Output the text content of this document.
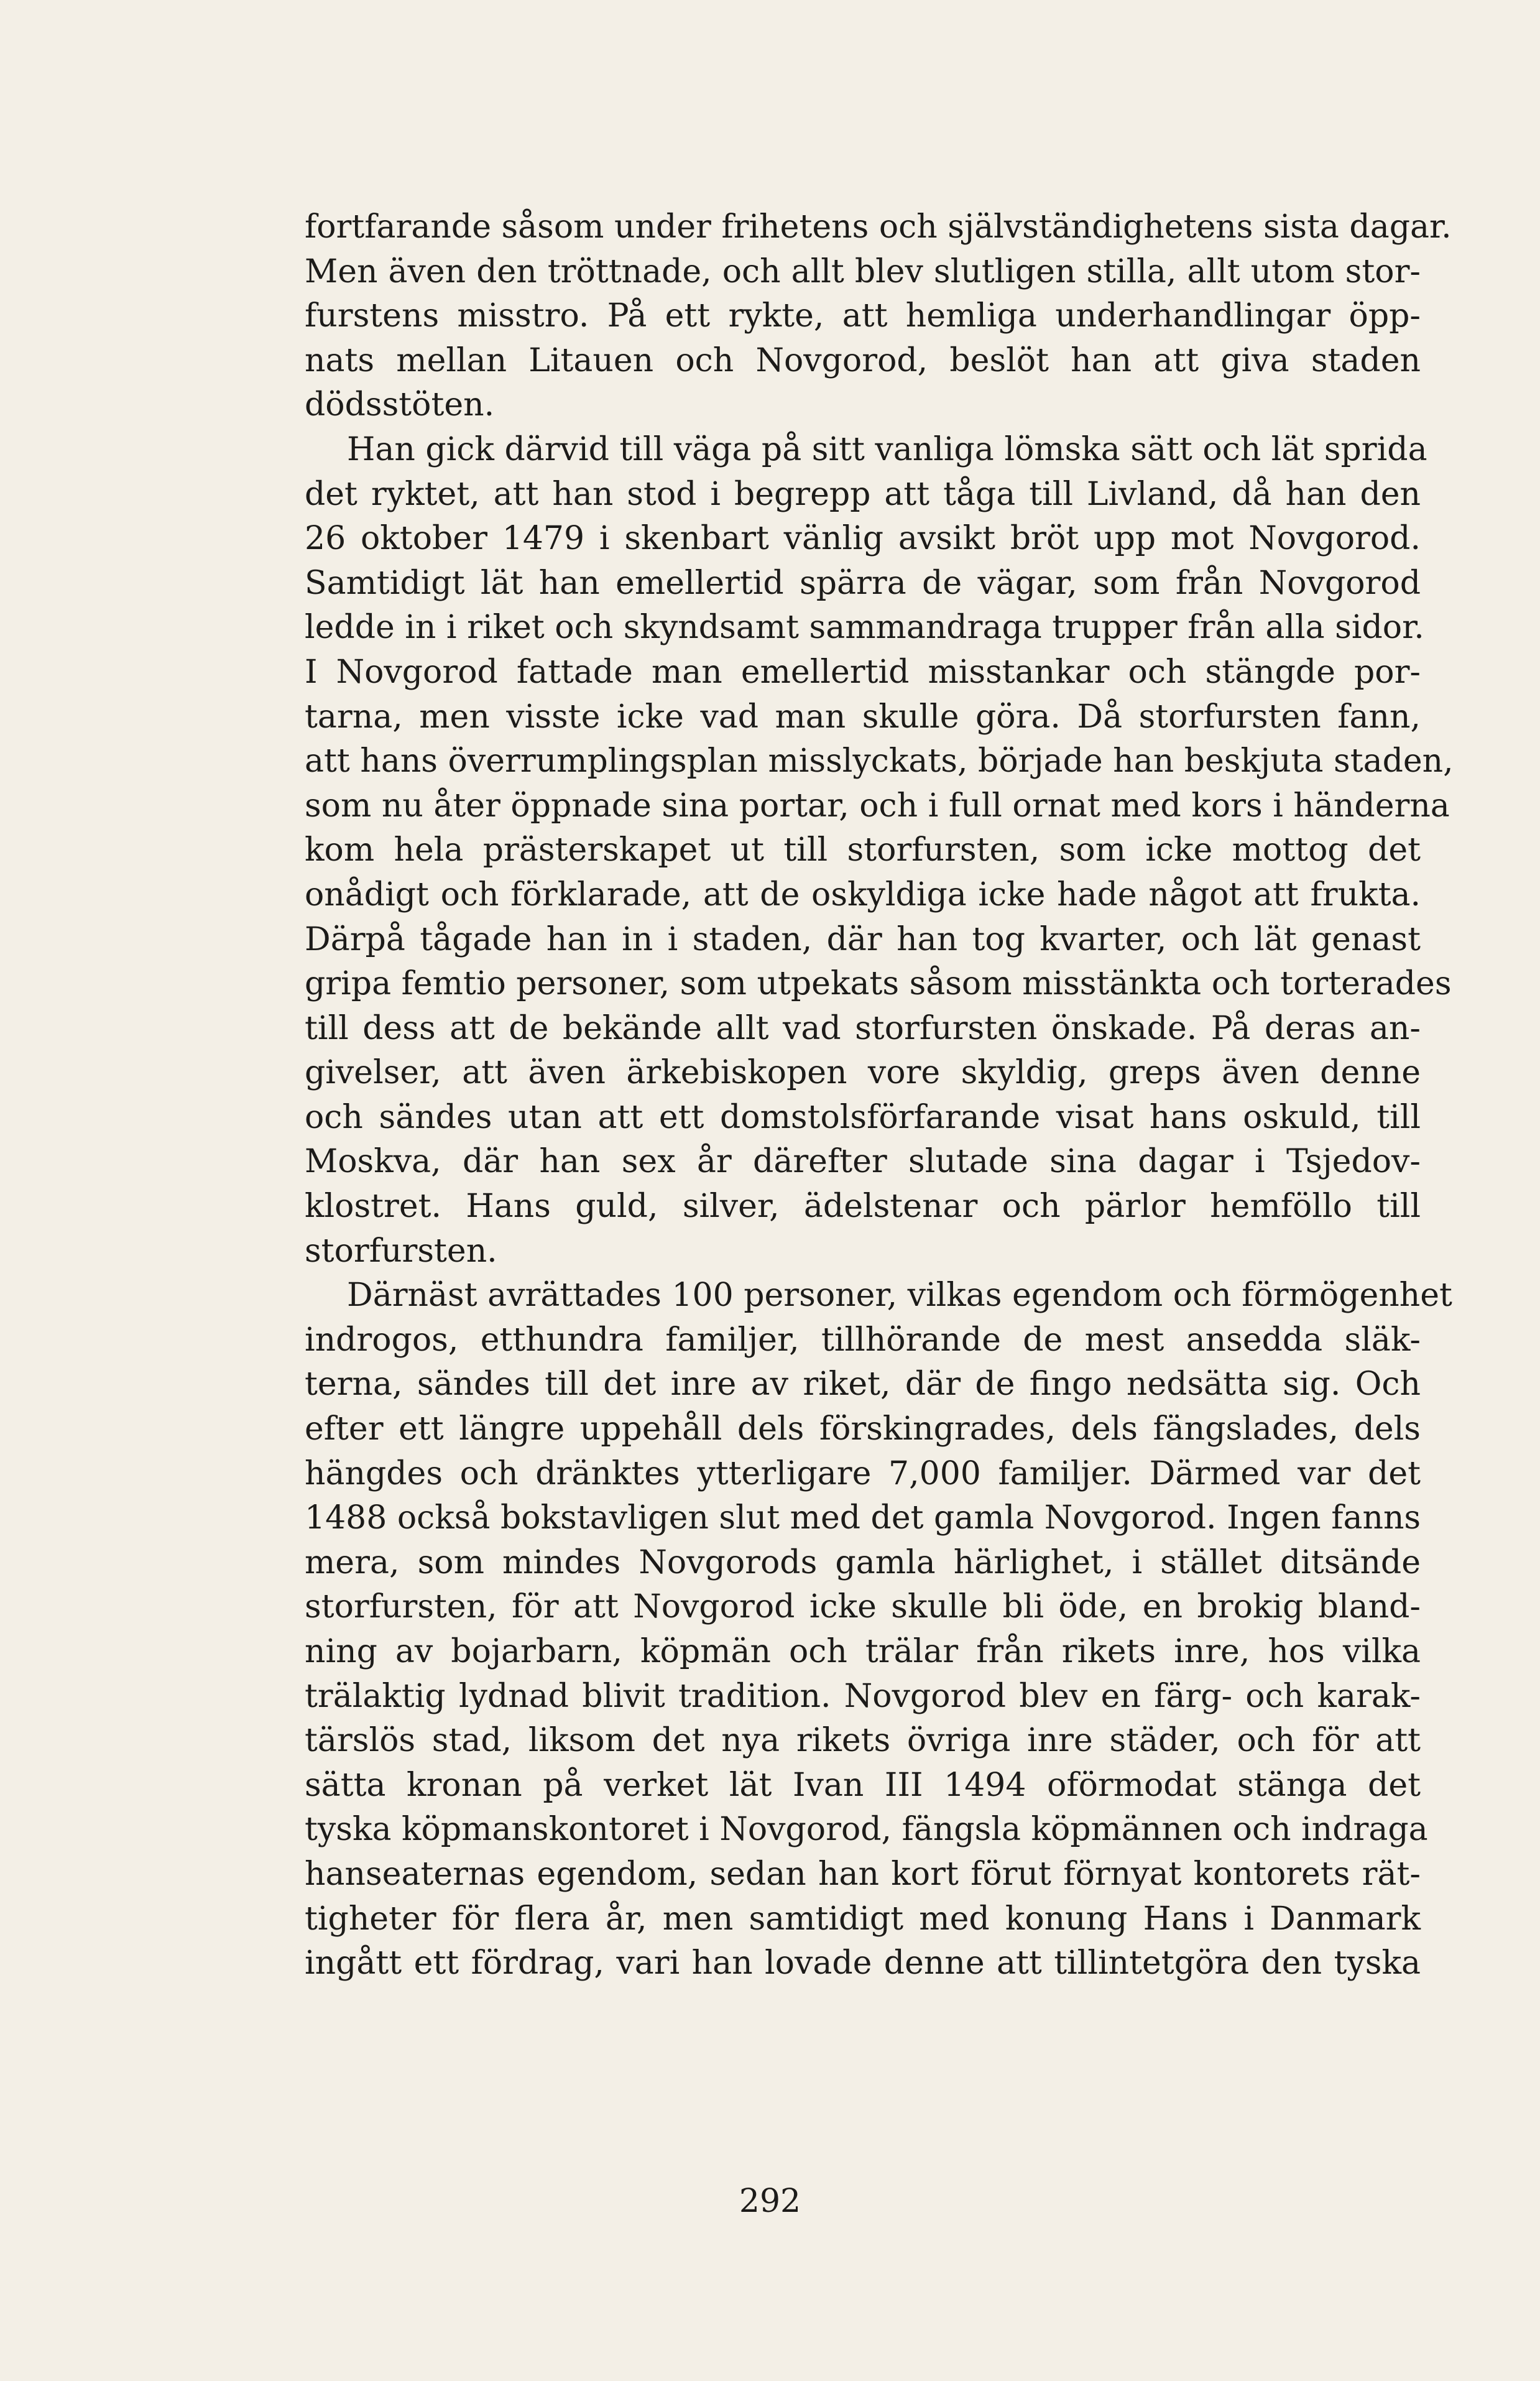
fortfarande såsom under frihetens och självständighetens sista dagar.
Men även den tröttnade, och allt blev slutligen stilla, allt utom stor-
furstens misstro. På ett rykte, att hemliga underhandlingar öpp-
nats mellan Litauen och Novgorod, beslöt han att giva staden
dödsstöten.
Han gick därvid till väga på sitt vanliga lömska sätt och lät sprida
det ryktet, att han stod i begrepp att tåga till Livland, då han den
26 oktober 1479 i skenbart vänlig avsikt bröt upp mot Novgorod.
Samtidigt lät han emellertid spärra de vägar, som från Novgorod
ledde in i riket och skyndsamt sammandraga trupper från alla sidor.
I Novgorod fattade man emellertid misstankar och stängde por-
tarna, men visste icke vad man skulle göra. Då storfursten fann,
att hans överrumplingsplan misslyckats, började han beskjuta staden,
som nu åter öppnade sina portar, och i full ornat med kors i händerna
kom hela prästerskapet ut till storfursten, som icke mottog det
onådigt och förklarade, att de oskyldiga icke hade något att frukta.
Därpå tågade han in i staden, där han tog kvarter, och lät genast
gripa femtio personer, som utpekats såsom misstänkta och torterades
till dess att de bekände allt vad storfursten önskade. På deras an-
givelser, att även ärkebiskopen vore skyldig, greps även denne
och sändes utan att ett domstolsförfarande visat hans oskuld, till
Moskva, där han sex år därefter slutade sina dagar i Tsjedov-
klostret. Hans guld, silver, ädelstenar och pärlor hemföllo till
storfursten.
Därnäst avrättades 100 personer, vilkas egendom och förmögenhet
indrogos, etthundra familjer, tillhörande de mest ansedda släk-
terna, sändes till det inre av riket, där de fingo nedsätta sig. Och
efter ett längre uppehåll dels förskingrades, dels fängslades, dels
hängdes och dränktes ytterligare 7,000 familjer. Därmed var det
1488 också bokstavligen slut med det gamla Novgorod. Ingen fanns
mera, som mindes Novgorods gamla härlighet, i stället ditsände
storfursten, för att Novgorod icke skulle bli öde, en brokig bland-
ning av bojarbarn, köpmän och trälar från rikets inre, hos vilka
trälaktig lydnad blivit tradition. Novgorod blev en färg- och karak-
tärslös stad, liksom det nya rikets övriga inre städer, och för att
sätta kronan på verket lät Ivan III 1494 oförmodat stänga det
tyska köpmanskontoret i Novgorod, fängsla köpmännen och indraga
hanseaternas egendom, sedan han kort förut förnyat kontorets rät-
tigheter för flera år, men samtidigt med konung Hans i Danmark
ingått ett fördrag, vari han lovade denne att tillintetgöra den tyska
292
